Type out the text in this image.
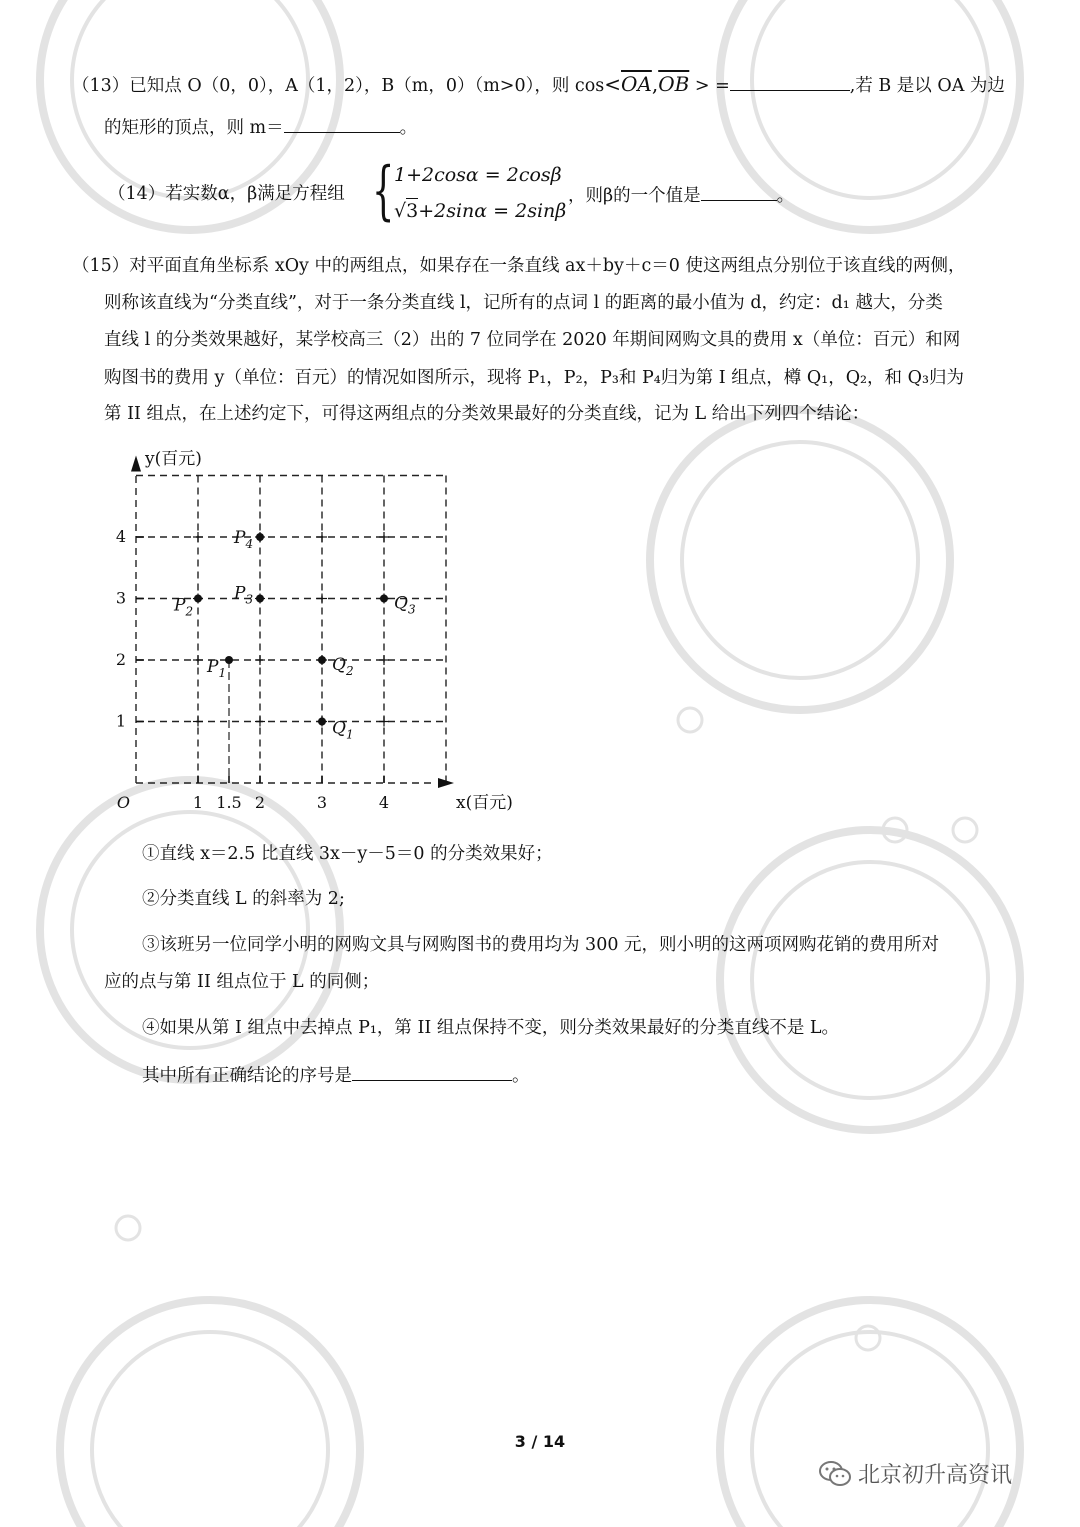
（13）已知点 O（0，0），A（1，2），B（m，0）（m>0），则 $\cos<\overline{OA},\overline{OB}$ > =	,若 B 是以 OA 为边
的矩形的顶点，则 m＝	。
（14）若实数α，β满足方程组 { 1+2cosα = 2cosβ
√3+2sinα = 2sinβ
，则β的一个值是	。
（15）对平面直角坐标系 xOy 中的两组点，如果存在一条直线 ax＋by＋c＝0 使这两组点分别位于该直线的两侧，
则称该直线为“分类直线”，对于一条分类直线 l，记所有的点词 l 的距离的最小值为 d，约定：d₁ 越大，分类
直线 l 的分类效果越好，某学校高三（2）出的 7 位同学在 2020 年期间网购文具的费用 x（单位：百元）和网
购图书的费用 y（单位：百元）的情况如图所示，现将 P₁，P₂，P₃和 P₄归为第 I 组点，樽 Q₁，Q₂，和 Q₃归为
第 II 组点，在上述约定下，可得这两组点的分类效果最好的分类直线，记为 L 给出下列四个结论：
$P_1$
$P_2$
$P_3$
$P_4$
$Q_1$
$Q_2$
$Q_3$
1 1.5 2	3	4
1
2
3
4
O
y(百元)
x(百元)
①直线 x＝2.5 比直线 3x－y－5＝0 的分类效果好；
②分类直线 L 的斜率为 2;
③该班另一位同学小明的网购文具与网购图书的费用均为 300 元，则小明的这两项网购花销的费用所对
应的点与第 II 组点位于 L 的同侧；
④如果从第 I 组点中去掉点 P₁，第 II 组点保持不变，则分类效果最好的分类直线不是 L。
其中所有正确结论的序号是	。
3 / 14
北京初升高资讯
